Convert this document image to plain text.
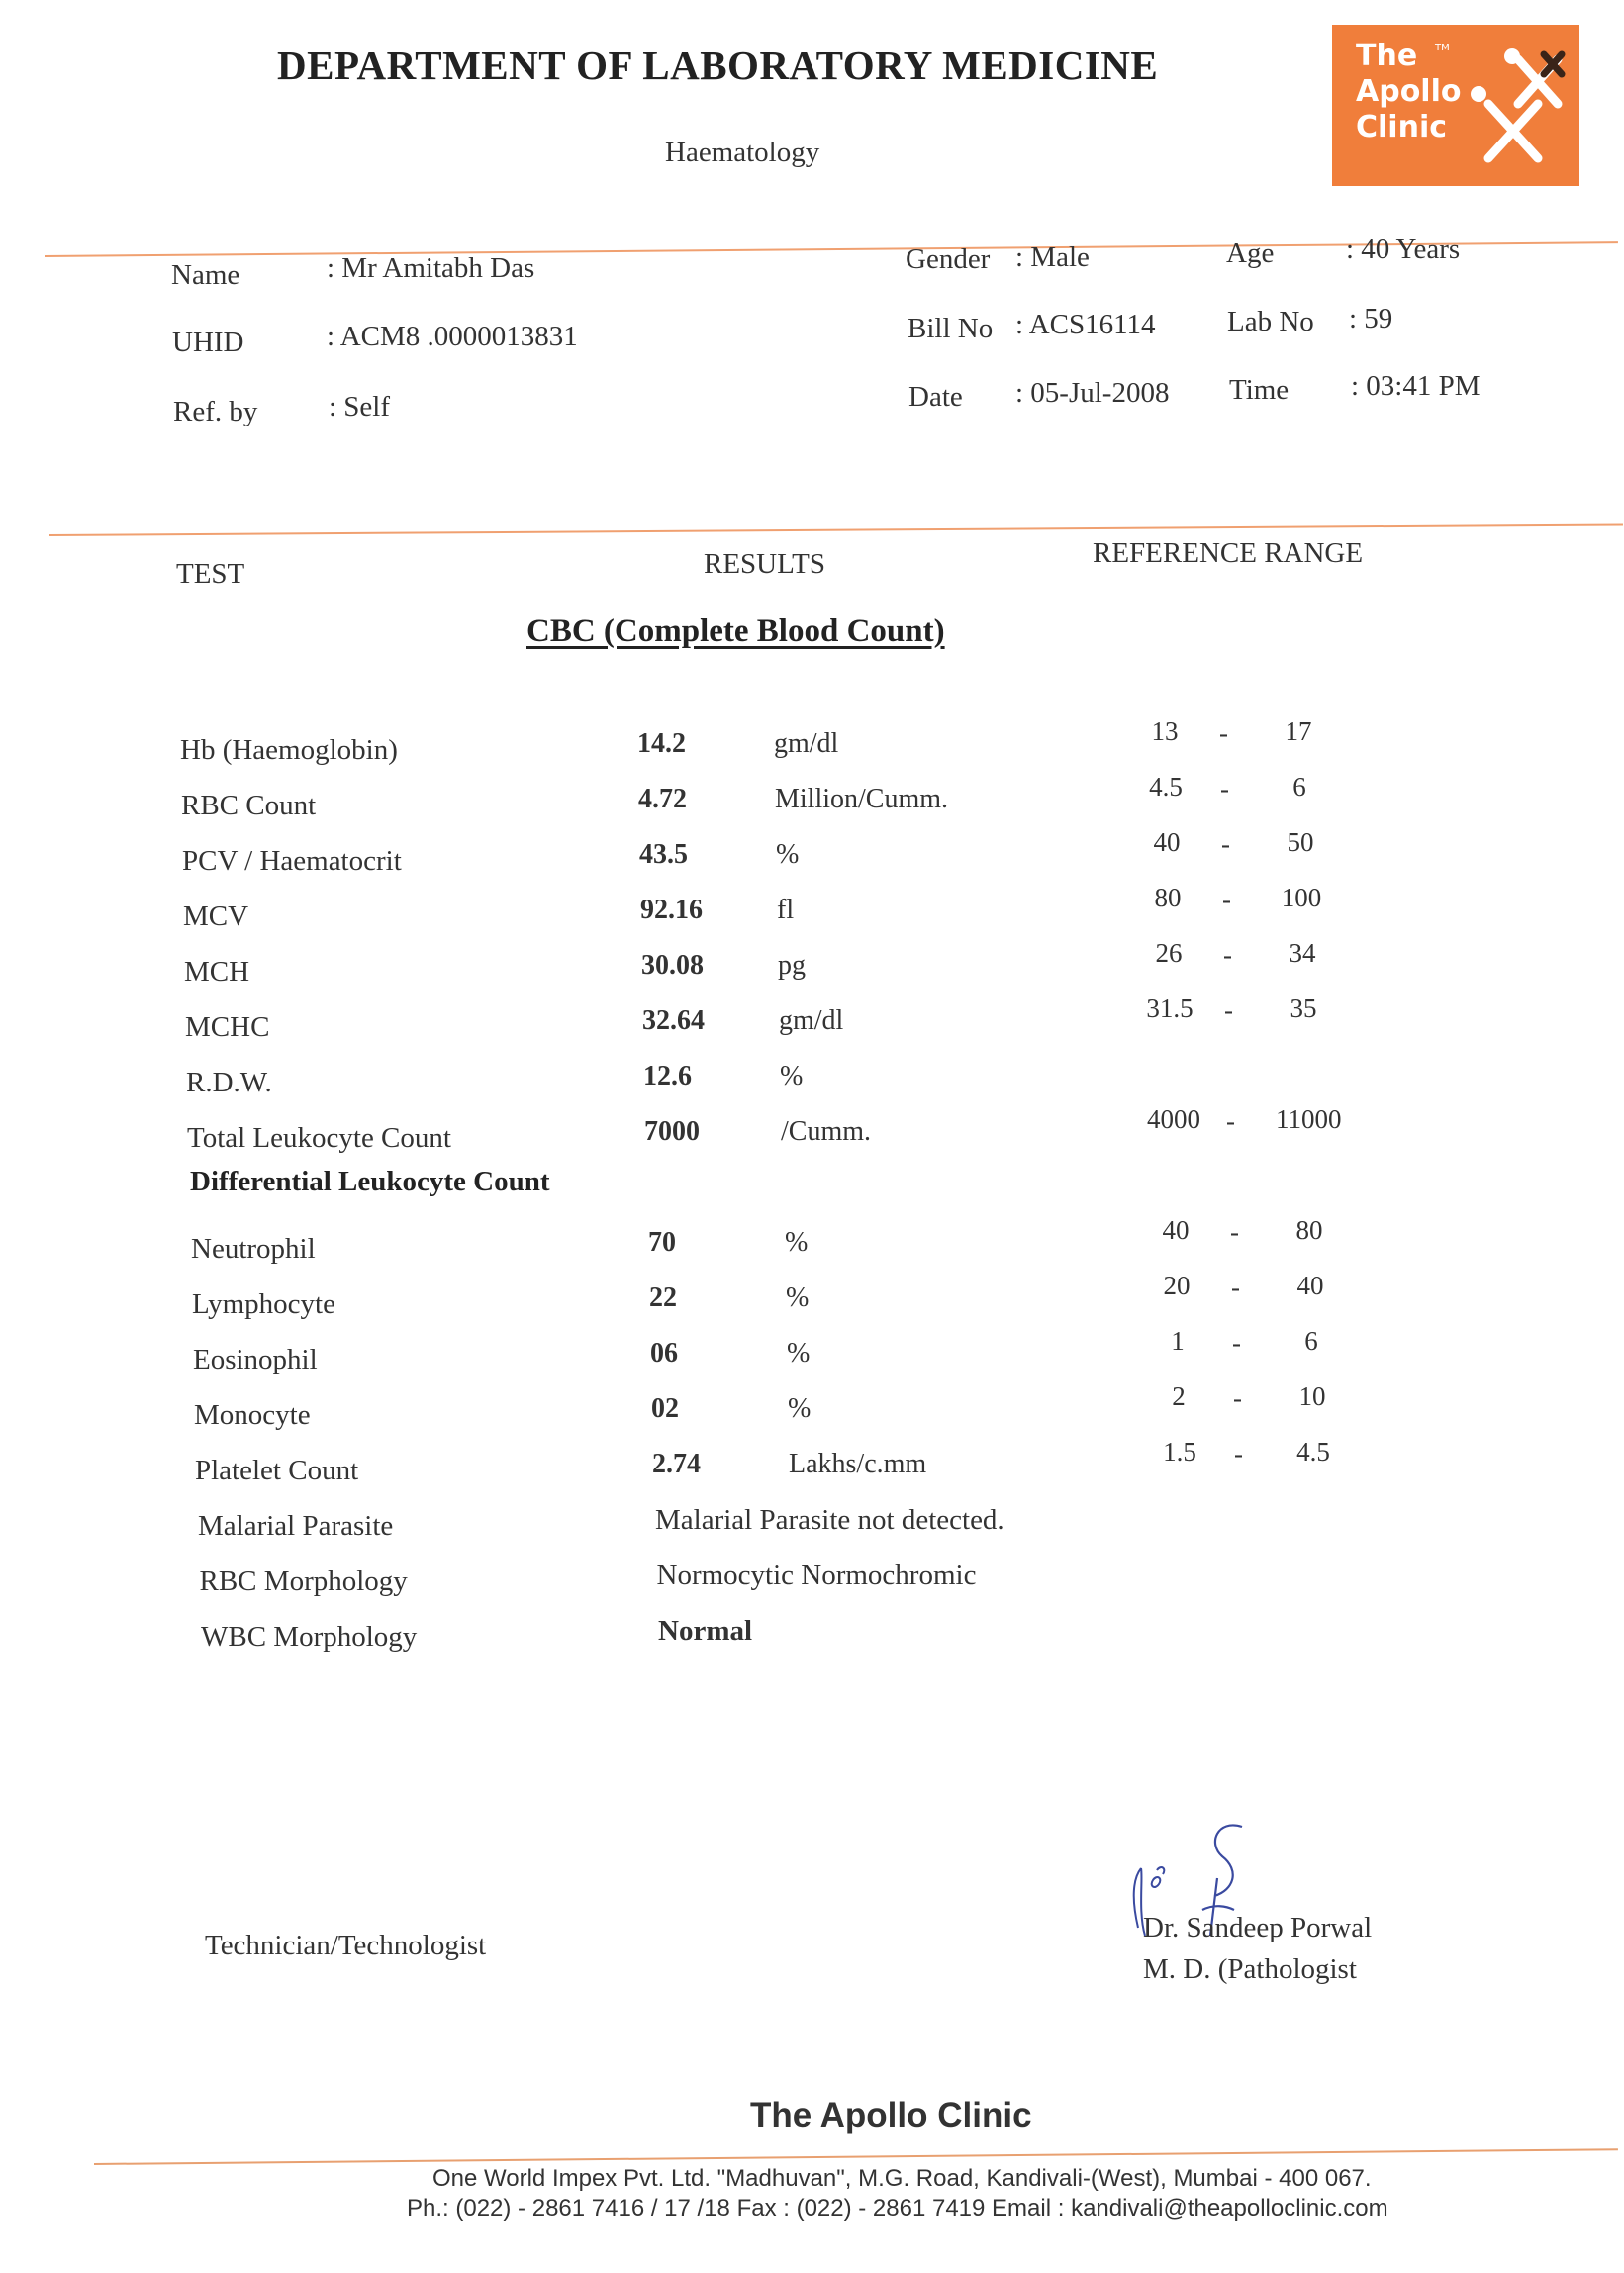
DEPARTMENT OF LABORATORY MEDICINE
Haematology
The
Apollo
Clinic
TM
Name	: Mr Amitabh Das
UHID	: ACM8 .0000013831
Ref. by : Self
Gender : Male
Bill No : ACS16114
Date : 05-Jul-2008
Age	: 40 Years
Lab No : 59
Time : 03:41 PM
TEST	RESULTS	REFERENCE RANGE
CBC (Complete Blood Count)
Hb (Haemoglobin)	14.2	gm/dl	13	-	17
RBC Count	4.72	Million/Cumm.	4.5	-	6
PCV / Haematocrit	43.5	%	40	-	50
MCV	92.16	fl	80	-	100
MCH	30.08	pg	26	-	34
MCHC	32.64	gm/dl	31.5 -	35
R.D.W.	12.6	%
Total Leukocyte Count	7000	/Cumm.	4000 - 11000
Differential Leukocyte Count
Neutrophil	70	%	40	-	80
Lymphocyte	22	%	20	-	40
Eosinophil	06	%	1	-	6
Monocyte	02	%	2	-	10
Platelet Count	2.74	Lakhs/c.mm	1.5	-	4.5
Malarial Parasite	Malarial Parasite not detected.
RBC Morphology	Normocytic Normochromic
WBC Morphology	Normal
Technician/Technologist
Dr. Sandeep Porwal
M. D. (Pathologist
The Apollo Clinic
One World Impex Pvt. Ltd. "Madhuvan", M.G. Road, Kandivali-(West), Mumbai - 400 067.
Ph.: (022) - 2861 7416 / 17 /18 Fax : (022) - 2861 7419 Email : kandivali@theapolloclinic.com
